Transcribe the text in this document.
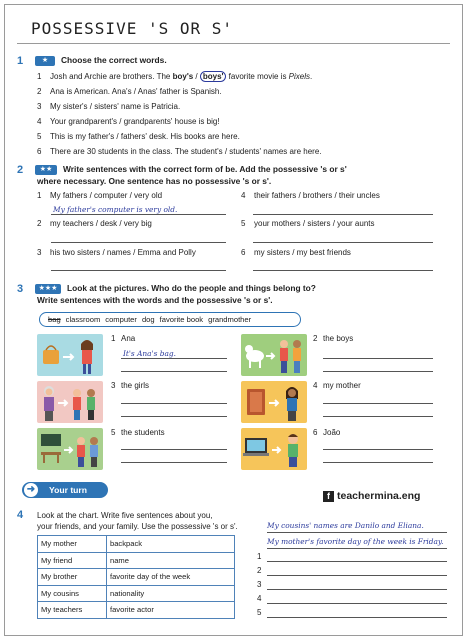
POSSESSIVE 'S OR S'
1	★	Choose the correct words.
1 Josh and Archie are brothers. The boy's / boys' favorite movie is Pixels.
2 Ana is American. Ana's / Anas' father is Spanish.
3 My sister's / sisters' name is Patricia.
4 Your grandparent's / grandparents' house is big!
5 This is my father's / fathers' desk. His books are here.
6 There are 30 students in the class. The student's / students' names are here.
2	★★	Write sentences with the correct form of be. Add the possessive 's or s'
where necessary. One sentence has no possessive 's or s'.
1 My fathers / computer / very old
My father's computer is very old.
2 my teachers / desk / very big
3 his two sisters / names / Emma and Polly
4 their fathers / brothers / their uncles
5 your mothers / sisters / your aunts
6 my sisters / my best friends
3	★★★	Look at the pictures. Who do the people and things belong to?
Write sentences with the words and the possessive 's or s'.
bag classroom computer dog favorite book grandmother
1 Ana
It's Ana's bag.
2 the boys
3 the girls	4 my mother
5 the students	6 João
➜	Your turn
f teachermina.eng
4 Look at the chart. Write five sentences about you,
your friends, and your family. Use the possessive 's or s'.
My mother	backpack
My friend	name
My brother	favorite day of the week
My cousins	nationality
My teachers	favorite actor
My cousins' names are Danilo and Eliana.
My mother's favorite day of the week is Friday.
1
2
3
4
5
